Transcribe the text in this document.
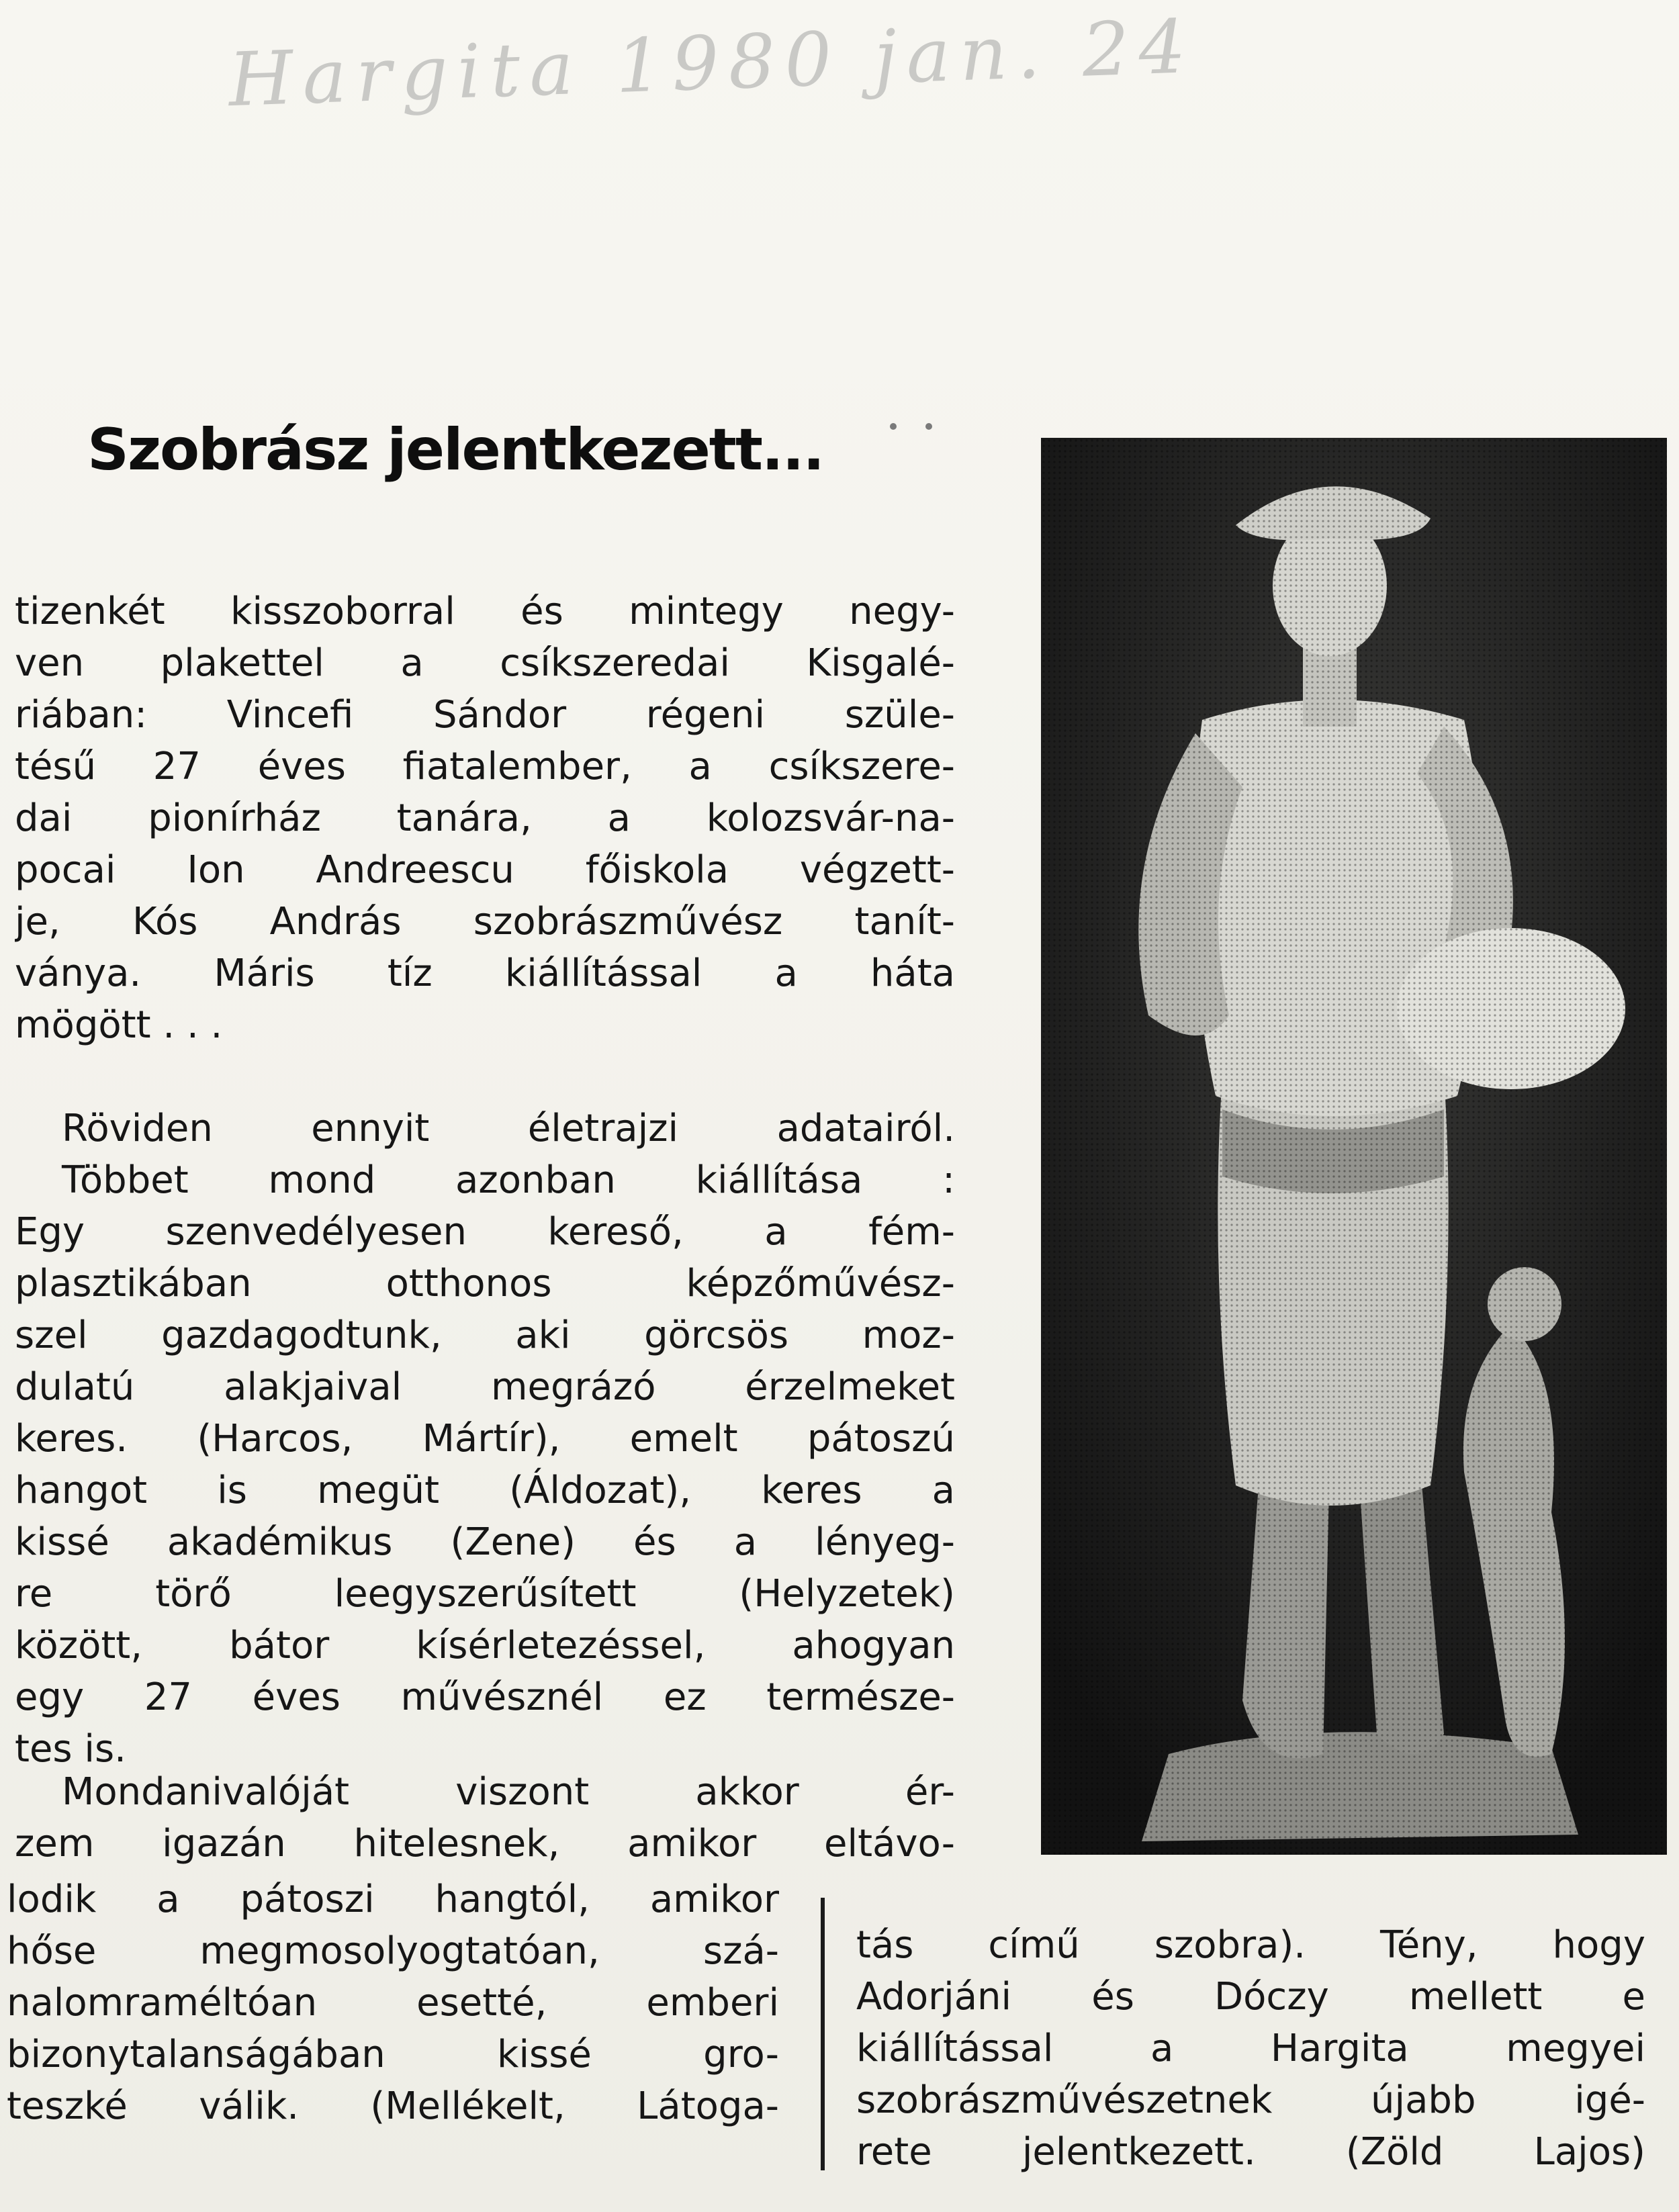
Hargita 1980 jan. 24
Szobrász jelentkezett...
tizenkét kisszoborral és mintegy negy-
ven plakettel a csíkszeredai Kisgalé-
riában: Vincefi Sándor régeni szüle-
tésű 27 éves fiatalember, a csíkszere-
dai pionírház tanára, a kolozsvár-na-
pocai Ion Andreescu főiskola végzett-
je, Kós András szobrászművész tanít-
ványa. Máris tíz kiállítással a háta
mögött . . .

Röviden ennyit életrajzi adatairól.
Többet mond azonban kiállítása :
Egy szenvedélyesen kereső, a fém-
plasztikában otthonos képzőművész-
szel gazdagodtunk, aki görcsös moz-
dulatú alakjaival megrázó érzelmeket
keres. (Harcos, Mártír), emelt pátoszú
hangot is megüt (Áldozat), keres a
kissé akadémikus (Zene) és a lényeg-
re törő leegyszerűsített (Helyzetek)
között, bátor kísérletezéssel, ahogyan
egy 27 éves művésznél ez természe-
tes is.
Mondanivalóját viszont akkor ér-
zem igazán hitelesnek, amikor eltávo-
lodik a pátoszi hangtól, amikor
hőse megmosolyogtatóan, szá-
nalomraméltóan esetté, emberi
bizonytalanságában kissé gro-
teszké válik. (Mellékelt, Látoga-
tás című szobra). Tény, hogy
Adorjáni és Dóczy mellett e
kiállítással a Hargita megyei
szobrászművészetnek újabb igé-
rete jelentkezett. (Zöld Lajos)
